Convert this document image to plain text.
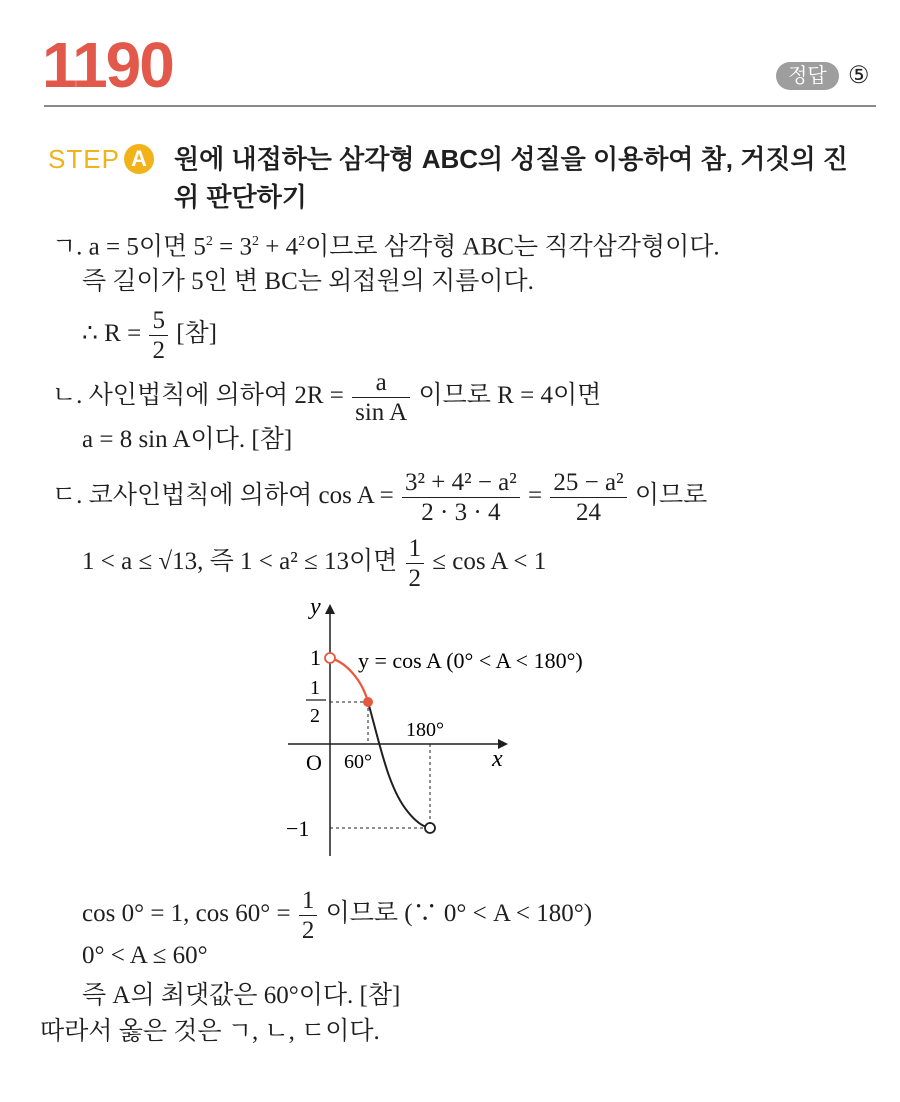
1190	정답 ⑤
STEP A 원에 내접하는 삼각형 ABC의 성질을 이용하여 참, 거짓의 진위 판단하기
ㄱ. a = 5이면 $5^2 = 3^2 + 4^2$이므로 삼각형 ABC는 직각삼각형이다.
즉 길이가 5인 변 BC는 외접원의 지름이다.
∴ $R = \frac{5}{2}$ [참]
ㄴ. 사인법칙에 의하여 $2R = \frac{a}{\text{sin A}}$ 이므로 R = 4이면
a = 8 sin A이다. [참]
ㄷ. 코사인법칙에 의하여 $\cos A = \frac{\text{3² + 4² − a²}}{2 \cdot 3 \cdot 4} = \frac{\text{25 − a²}}{24}$ 이므로
1 < a ≤ √13, 즉 1 < a² ≤ 13이면 $\frac{1}{2} \le \cos A < 1$
y
x
O
1
1
2
−1
60°
180°
y = cos A (0° < A < 180°)
cos 0° = 1, $\cos 60^\circ = \frac{1}{2}$ 이므로 (∵ 0° < A < 180°)
0° < A ≤ 60°
즉 A의 최댓값은 60°이다. [참]
따라서 옳은 것은 ㄱ, ㄴ, ㄷ이다.
